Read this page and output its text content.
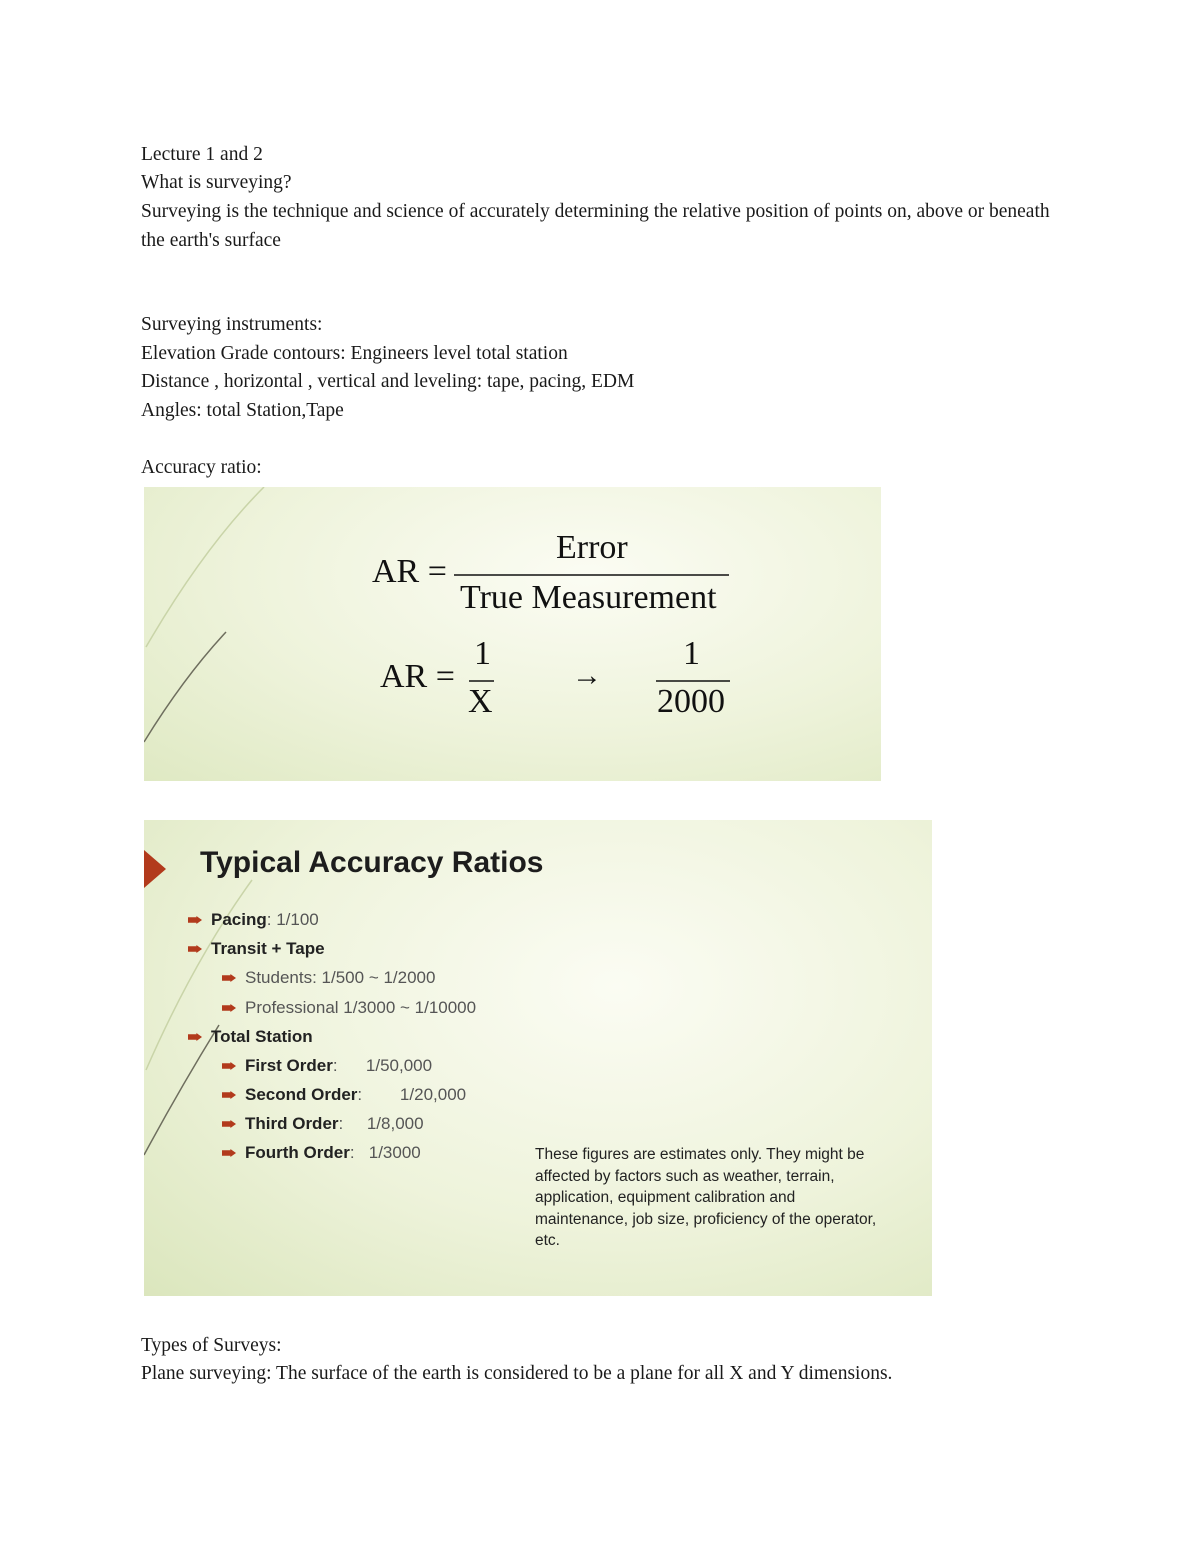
Lecture 1 and 2
What is surveying?
Surveying is the technique and science of accurately determining the relative position of points on, above or beneath the earth's surface
Surveying instruments:
Elevation Grade contours: Engineers level total station
Distance , horizontal , vertical and leveling: tape, pacing, EDM
Angles: total Station,Tape
Accuracy ratio:
AR =
Error
True Measurement
AR =
1
X
→
1
2000
Typical Accuracy Ratios
Pacing: 1/100
Transit + Tape
Students: 1/500 ~ 1/2000
Professional 1/3000 ~ 1/10000
Total Station
First Order:      1/50,000
Second Order:        1/20,000
Third Order:     1/8,000
Fourth Order:   1/3000	These figures are estimates only. They might be affected by factors such as weather, terrain, application, equipment calibration and maintenance, job size, proficiency of the operator, etc.
Types of Surveys:
Plane surveying: The surface of the earth is considered to be a plane for all X and Y dimensions.
